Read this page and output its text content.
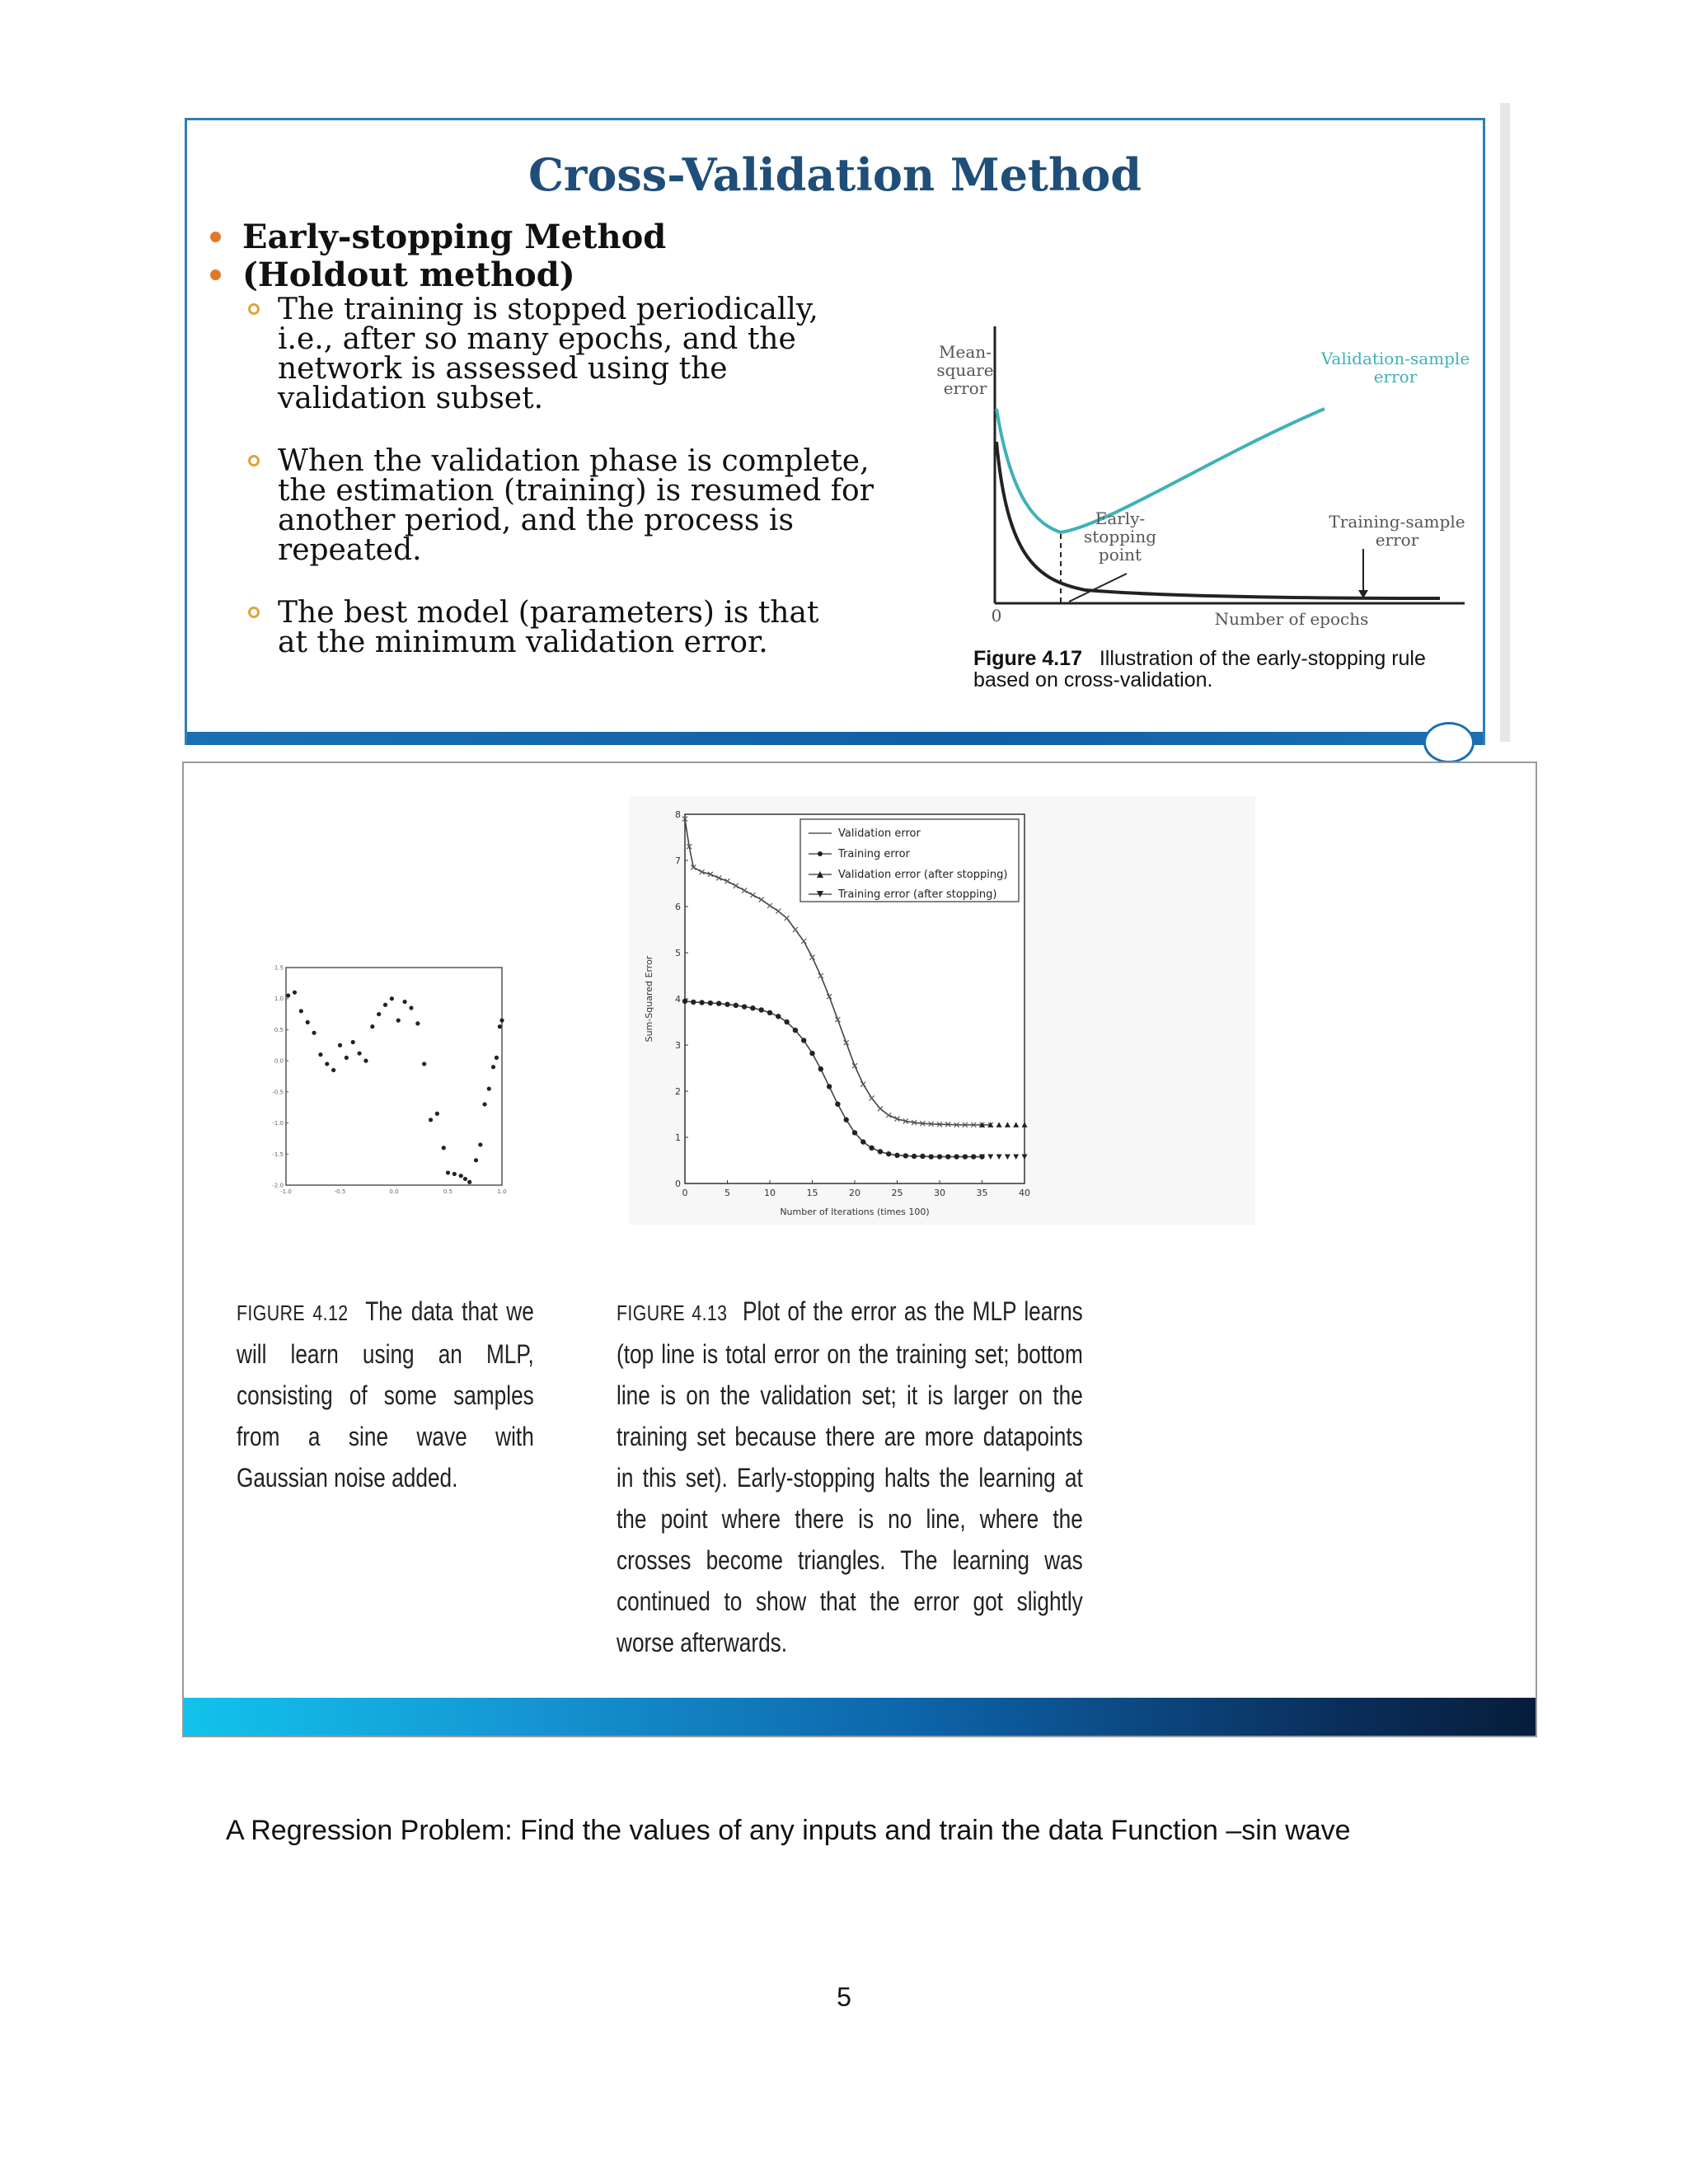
Cross-Validation Method
Early-stopping Method
(Holdout method)
The training is stopped periodically, i.e., after so many epochs, and the network is assessed using the validation subset.
When the validation phase is complete, the estimation (training) is resumed for another period, and the process is repeated.
The best model (parameters) is that at the minimum validation error.
Mean-
square
error
Validation-sample
error
Training-sample
error
Early-
stopping
point
Number of epochs
0
Figure 4.17 Illustration of the early-stopping rule based on cross-validation.
1.5
1.0
0.5
0.0
-0.5
-1.0
-1.5
-2.0
-1.0	-0.5	0.0	0.5	1.0
0
1
2
3
4
5
6
7
8
0	5	10	15	20	25	30	35	40
Sum-Squared Error
Number of Iterations (times 100)
Validation error
Training error
Validation error (after stopping)
Training error (after stopping)
FIGURE 4.12 The data that we will learn using an MLP, consisting of some samples from a sine wave with Gaussian noise added.
FIGURE 4.13 Plot of the error as the MLP learns (top line is total error on the training set; bottom line is on the validation set; it is larger on the training set because there are more datapoints in this set). Early-stopping halts the learning at the point where there is no line, where the crosses become triangles. The learning was continued to show that the error got slightly worse afterwards.
A Regression Problem: Find the values of any inputs and train the data Function –sin wave
5
